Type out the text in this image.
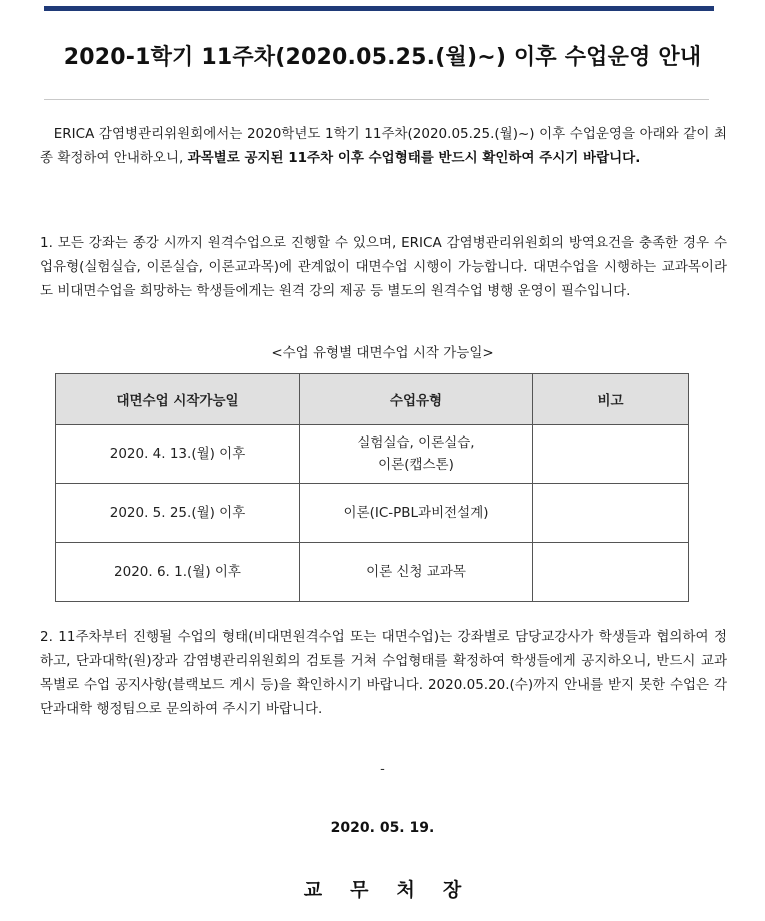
2020-1학기 11주차(2020.05.25.(월)~) 이후 수업운영 안내

ERICA 감염병관리위원회에서는 2020학년도 1학기 11주차(2020.05.25.(월)~) 이후 수업운영을 아래와 같이 최종 확정하여 안내하오니, 과목별로 공지된 11주차 이후 수업형태를 반드시 확인하여 주시기 바랍니다.

1. 모든 강좌는 종강 시까지 원격수업으로 진행할 수 있으며, ERICA 감염병관리위원회의 방역요건을 충족한 경우 수업유형(실험실습, 이론실습, 이론교과목)에 관계없이 대면수업 시행이 가능합니다. 대면수업을 시행하는 교과목이라도 비대면수업을 희망하는 학생들에게는 원격 강의 제공 등 별도의 원격수업 병행 운영이 필수입니다.

<수업 유형별 대면수업 시작 가능일>
대면수업 시작가능일	수업유형	비고
2020. 4. 13.(월) 이후	실험실습, 이론실습,
이론(캡스톤)	
2020. 5. 25.(월) 이후	이론(IC-PBL과비전설계)	
2020. 6. 1.(월) 이후	이론 신청 교과목	

2. 11주차부터 진행될 수업의 형태(비대면원격수업 또는 대면수업)는 강좌별로 담당교강사가 학생들과 협의하여 정하고, 단과대학(원)장과 감염병관리위원회의 검토를 거쳐 수업형태를 확정하여 학생들에게 공지하오니, 반드시 교과목별로 수업 공지사항(블랙보드 게시 등)을 확인하시기 바랍니다. 2020.05.20.(수)까지 안내를 받지 못한 수업은 각 단과대학 행정팀으로 문의하여 주시기 바랍니다.

-
2020. 05. 19.
교무처장
